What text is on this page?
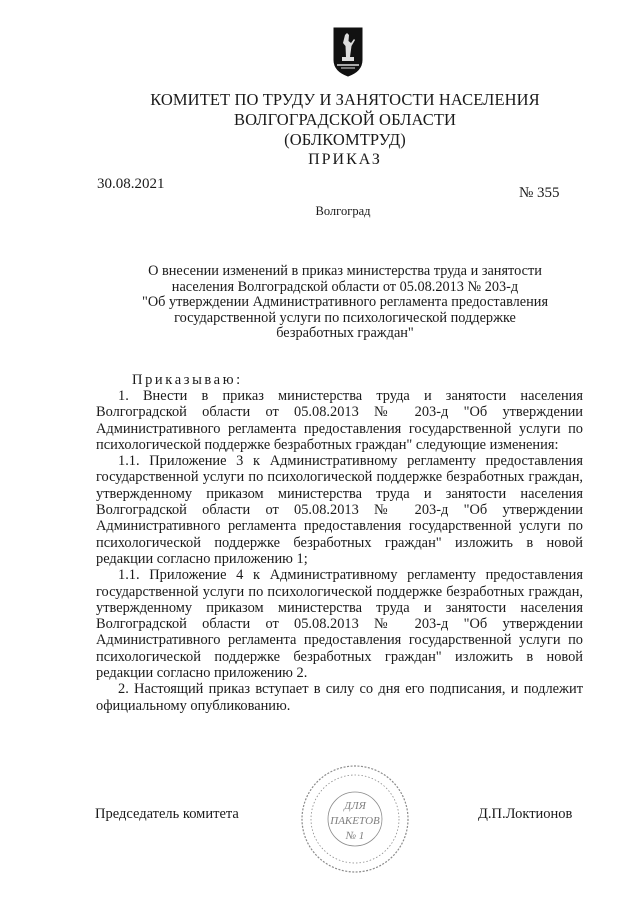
КОМИТЕТ ПО ТРУДУ И ЗАНЯТОСТИ НАСЕЛЕНИЯ
ВОЛГОГРАДСКОЙ ОБЛАСТИ
(ОБЛКОМТРУД)
ПРИКАЗ
30.08.2021
№ 355
Волгоград
О внесении изменений в приказ министерства труда и занятости
населения Волгоградской области от 05.08.2013 № 203-д
"Об утверждении Административного регламента предоставления
государственной услуги по психологической поддержке
безработных граждан"
Приказываю:

1. Внести в приказ министерства труда и занятости населения Волгоградской области от 05.08.2013 № 203-д "Об утверждении Административного регламента предоставления государственной услуги по психологической поддержке безработных граждан" следующие изменения:

1.1. Приложение 3 к Административному регламенту предоставления государственной услуги по психологической поддержке безработных граждан, утвержденному приказом министерства труда и занятости населения Волгоградской области от 05.08.2013 № 203-д "Об утверждении Административного регламента предоставления государственной услуги по психологической поддержке безработных граждан" изложить в новой редакции согласно приложению 1;

1.1. Приложение 4 к Административному регламенту предоставления государственной услуги по психологической поддержке безработных граждан, утвержденному приказом министерства труда и занятости населения Волгоградской области от 05.08.2013 № 203-д "Об утверждении Административного регламента предоставления государственной услуги по психологической поддержке безработных граждан" изложить в новой редакции согласно приложению 2.

2. Настоящий приказ вступает в силу со дня его подписания, и подлежит официальному опубликованию.

Председатель комитета	Д.П.Локтионов
ДЛЯ
ПАКЕТОВ
№ 1
